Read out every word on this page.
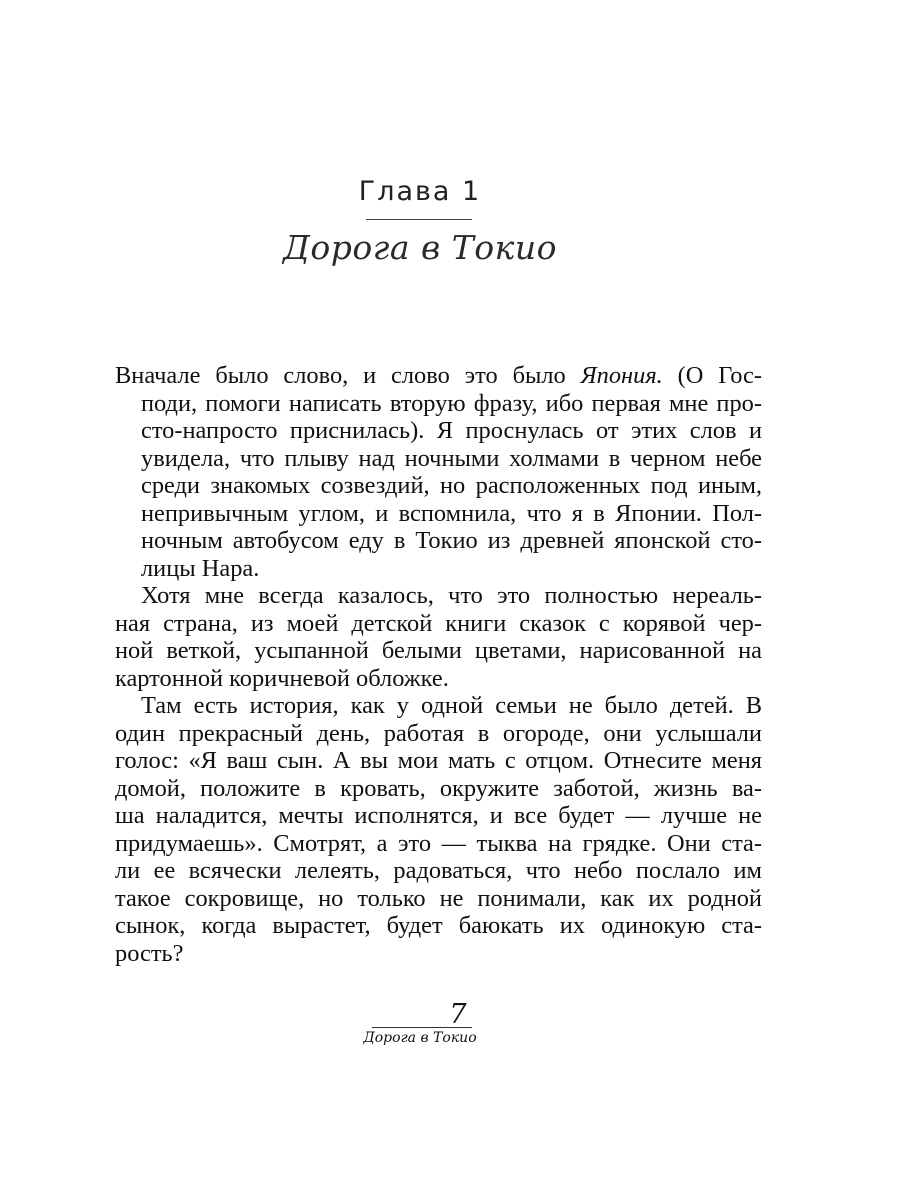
Глава 1
Дорога в Токио

Вначале было слово, и слово это было Япония. (О Гос-
поди, помоги написать вторую фразу, ибо первая мне про-
сто-напросто приснилась). Я проснулась от этих слов и
увидела, что плыву над ночными холмами в черном небе
среди знакомых созвездий, но расположенных под иным,
непривычным углом, и вспомнила, что я в Японии. Пол-
ночным автобусом еду в Токио из древней японской сто-
лицы Нара.

Хотя мне всегда казалось, что это полностью нереаль-
ная страна, из моей детской книги сказок с корявой чер-
ной веткой, усыпанной белыми цветами, нарисованной на
картонной коричневой обложке.

Там есть история, как у одной семьи не было детей. В
один прекрасный день, работая в огороде, они услышали
голос: «Я ваш сын. А вы мои мать с отцом. Отнесите меня
домой, положите в кровать, окружите заботой, жизнь ва-
ша наладится, мечты исполнятся, и все будет — лучше не
придумаешь». Смотрят, а это — тыква на грядке. Они ста-
ли ее всячески лелеять, радоваться, что небо послало им
такое сокровище, но только не понимали, как их родной
сынок, когда вырастет, будет баюкать их одинокую ста-
рость?

7
Дорога в Токио
